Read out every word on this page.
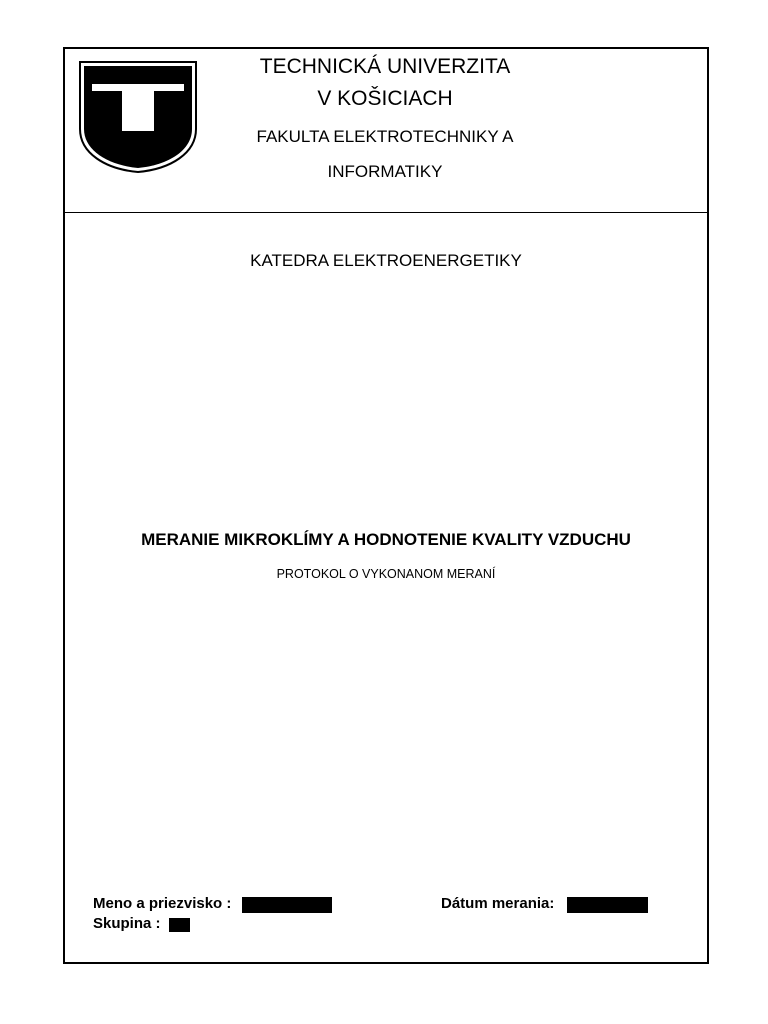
TECHNICKÁ UNIVERZITA
V KOŠICIACH
FAKULTA ELEKTROTECHNIKY A
INFORMATIKY
KATEDRA ELEKTROENERGETIKY
MERANIE MIKROKLÍMY A HODNOTENIE KVALITY VZDUCHU
PROTOKOL O VYKONANOM MERANÍ
Meno a priezvisko :	Dátum merania:
Skupina :
